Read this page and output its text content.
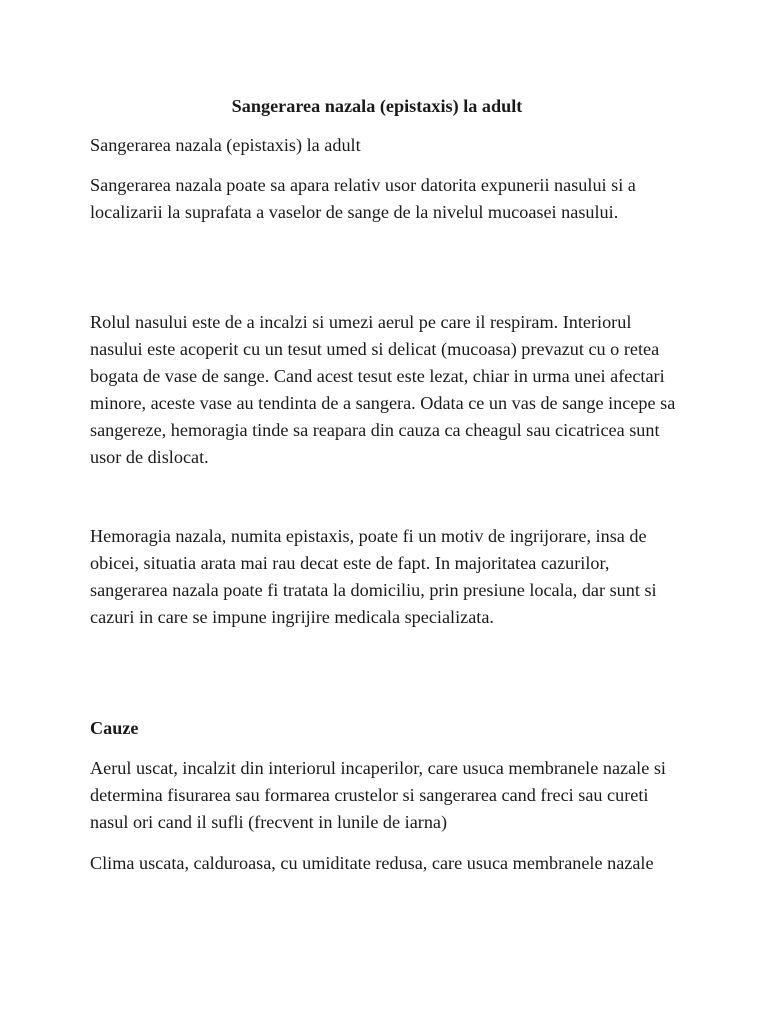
Sangerarea nazala (epistaxis) la adult

Sangerarea nazala (epistaxis) la adult

Sangerarea nazala poate sa apara relativ usor datorita expunerii nasului si a localizarii la suprafata a vaselor de sange de la nivelul mucoasei nasului.

Rolul nasului este de a incalzi si umezi aerul pe care il respiram. Interiorul nasului este acoperit cu un tesut umed si delicat (mucoasa) prevazut cu o retea bogata de vase de sange. Cand acest tesut este lezat, chiar in urma unei afectari minore, aceste vase au tendinta de a sangera. Odata ce un vas de sange incepe sa sangereze, hemoragia tinde sa reapara din cauza ca cheagul sau cicatricea sunt usor de dislocat.

Hemoragia nazala, numita epistaxis, poate fi un motiv de ingrijorare, insa de obicei, situatia arata mai rau decat este de fapt. In majoritatea cazurilor, sangerarea nazala poate fi tratata la domiciliu, prin presiune locala, dar sunt si cazuri in care se impune ingrijire medicala specializata.

Cauze

Aerul uscat, incalzit din interiorul incaperilor, care usuca membranele nazale si determina fisurarea sau formarea crustelor si sangerarea cand freci sau cureti nasul ori cand il sufli (frecvent in lunile de iarna)

Clima uscata, calduroasa, cu umiditate redusa, care usuca membranele nazale
